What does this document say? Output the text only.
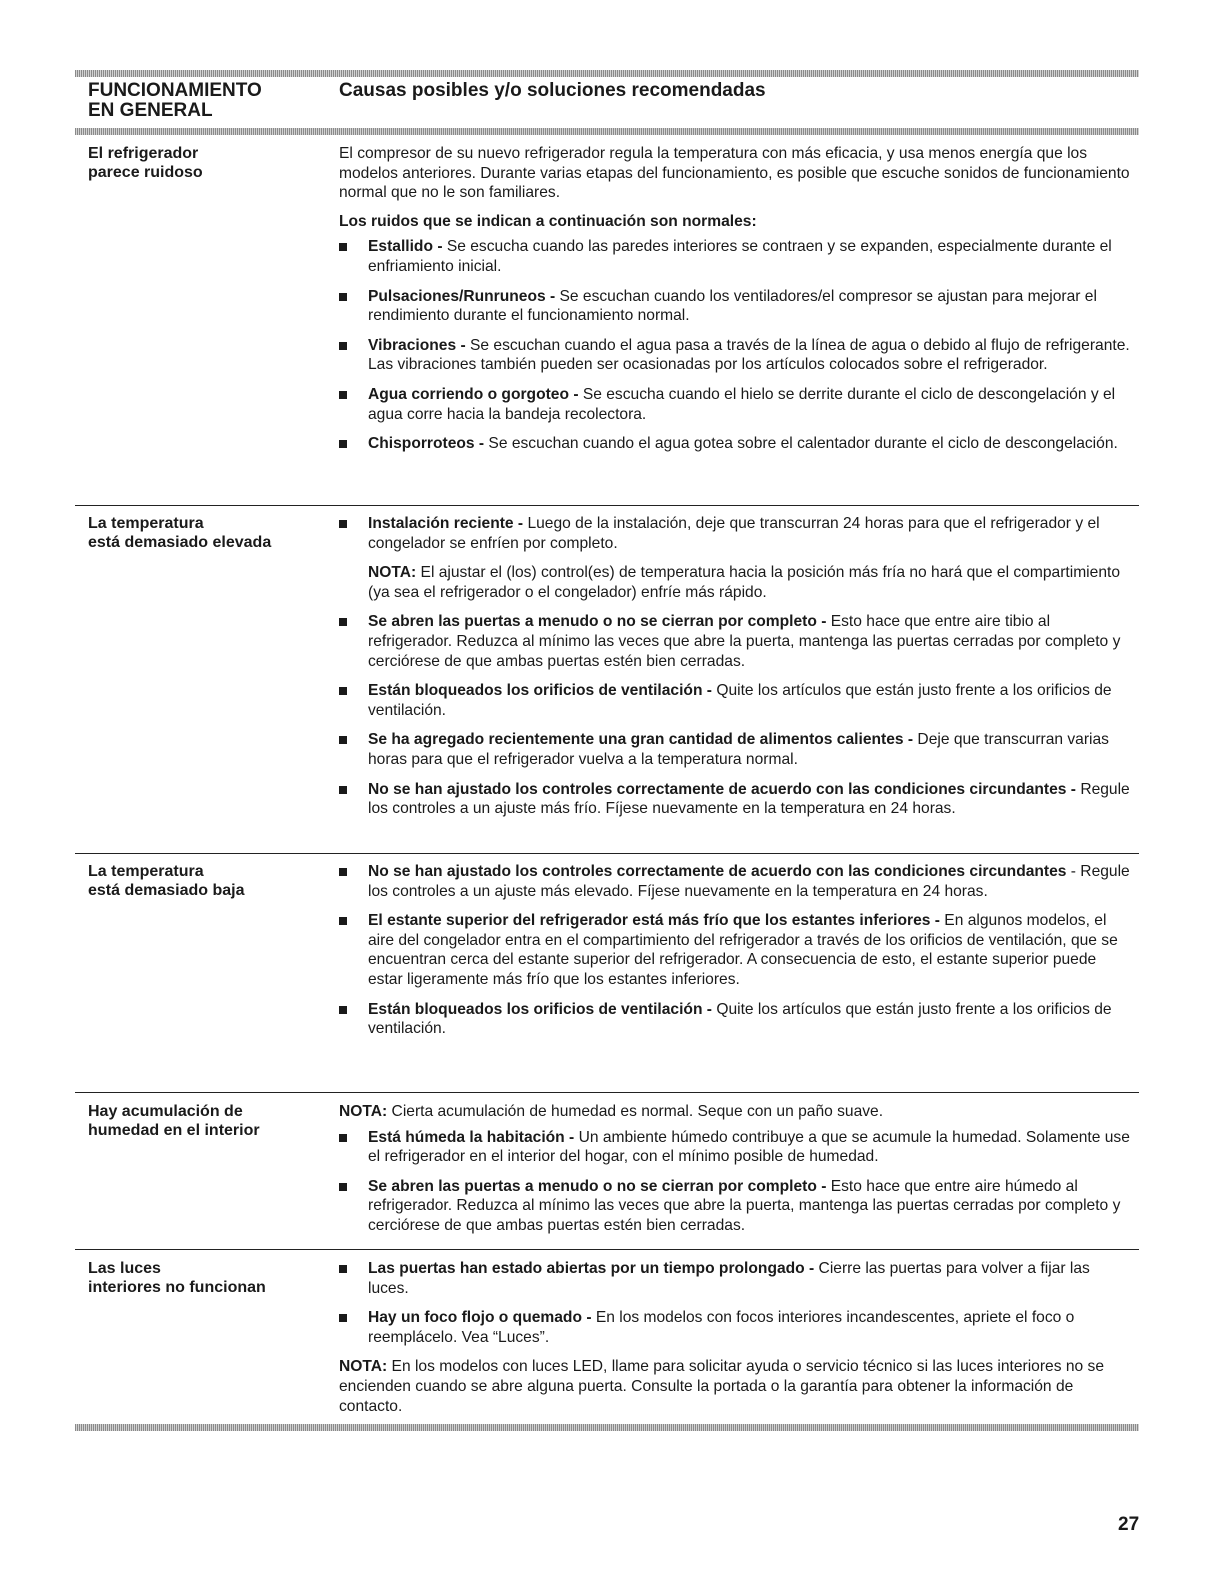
FUNCIONAMIENTO
EN GENERAL
Causas posibles y/o soluciones recomendadas
El refrigerador
parece ruidoso

El compresor de su nuevo refrigerador regula la temperatura con más eficacia, y usa menos energía que los modelos anteriores. Durante varias etapas del funcionamiento, es posible que escuche sonidos de funcionamiento normal que no le son familiares.

Los ruidos que se indican a continuación son normales:

Estallido - Se escucha cuando las paredes interiores se contraen y se expanden, especialmente durante el enfriamiento inicial.
Pulsaciones/Runruneos - Se escuchan cuando los ventiladores/el compresor se ajustan para mejorar el rendimiento durante el funcionamiento normal.
Vibraciones - Se escuchan cuando el agua pasa a través de la línea de agua o debido al flujo de refrigerante. Las vibraciones también pueden ser ocasionadas por los artículos colocados sobre el refrigerador.
Agua corriendo o gorgoteo - Se escucha cuando el hielo se derrite durante el ciclo de descongelación y el agua corre hacia la bandeja recolectora.
Chisporroteos - Se escuchan cuando el agua gotea sobre el calentador durante el ciclo de descongelación.
La temperatura
está demasiado elevada
Instalación reciente - Luego de la instalación, deje que transcurran 24 horas para que el refrigerador y el congelador se enfríen por completo.

NOTA: El ajustar el (los) control(es) de temperatura hacia la posición más fría no hará que el compartimiento (ya sea el refrigerador o el congelador) enfríe más rápido.

Se abren las puertas a menudo o no se cierran por completo - Esto hace que entre aire tibio al refrigerador. Reduzca al mínimo las veces que abre la puerta, mantenga las puertas cerradas por completo y cerciórese de que ambas puertas estén bien cerradas.
Están bloqueados los orificios de ventilación - Quite los artículos que están justo frente a los orificios de ventilación.
Se ha agregado recientemente una gran cantidad de alimentos calientes - Deje que transcurran varias horas para que el refrigerador vuelva a la temperatura normal.
No se han ajustado los controles correctamente de acuerdo con las condiciones circundantes - Regule los controles a un ajuste más frío. Fíjese nuevamente en la temperatura en 24 horas.
La temperatura
está demasiado baja
No se han ajustado los controles correctamente de acuerdo con las condiciones circundantes - Regule los controles a un ajuste más elevado. Fíjese nuevamente en la temperatura en 24 horas.
El estante superior del refrigerador está más frío que los estantes inferiores - En algunos modelos, el aire del congelador entra en el compartimiento del refrigerador a través de los orificios de ventilación, que se encuentran cerca del estante superior del refrigerador. A consecuencia de esto, el estante superior puede estar ligeramente más frío que los estantes inferiores.
Están bloqueados los orificios de ventilación - Quite los artículos que están justo frente a los orificios de ventilación.
Hay acumulación de
humedad en el interior

NOTA: Cierta acumulación de humedad es normal. Seque con un paño suave.

Está húmeda la habitación - Un ambiente húmedo contribuye a que se acumule la humedad. Solamente use el refrigerador en el interior del hogar, con el mínimo posible de humedad.
Se abren las puertas a menudo o no se cierran por completo - Esto hace que entre aire húmedo al refrigerador. Reduzca al mínimo las veces que abre la puerta, mantenga las puertas cerradas por completo y cerciórese de que ambas puertas estén bien cerradas.
Las luces
interiores no funcionan
Las puertas han estado abiertas por un tiempo prolongado - Cierre las puertas para volver a fijar las luces.
Hay un foco flojo o quemado - En los modelos con focos interiores incandescentes, apriete el foco o reemplácelo. Vea “Luces”.

NOTA: En los modelos con luces LED, llame para solicitar ayuda o servicio técnico si las luces interiores no se encienden cuando se abre alguna puerta. Consulte la portada o la garantía para obtener la información de contacto.

27
